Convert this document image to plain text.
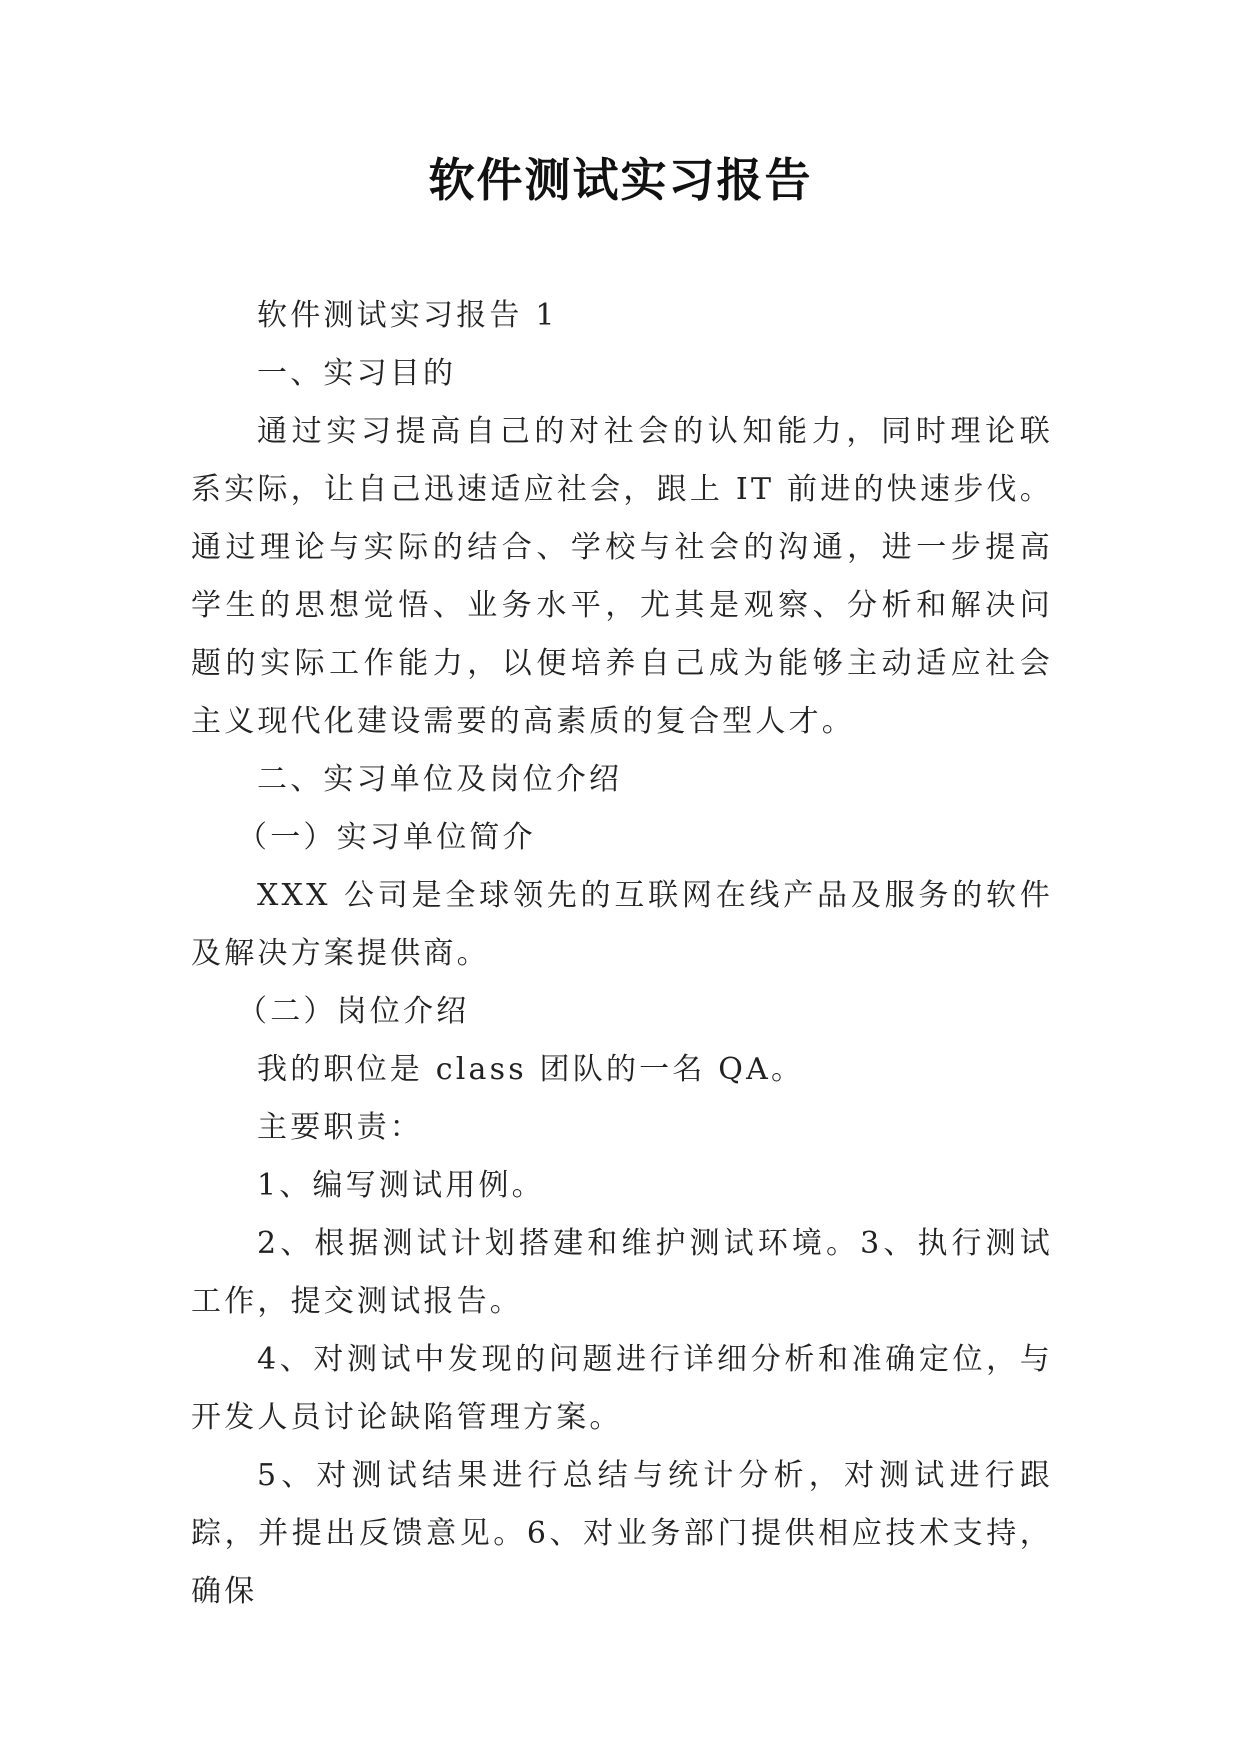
软件测试实习报告

软件测试实习报告 1

一、实习目的

通过实习提高自己的对社会的认知能力，同时理论联系实际，让自己迅速适应社会，跟上 IT 前进的快速步伐。通过理论与实际的结合、学校与社会的沟通，进一步提高学生的思想觉悟、业务水平，尤其是观察、分析和解决问题的实际工作能力，以便培养自己成为能够主动适应社会主义现代化建设需要的高素质的复合型人才。

二、实习单位及岗位介绍

（一）实习单位简介

XXX 公司是全球领先的互联网在线产品及服务的软件及解决方案提供商。

（二）岗位介绍

我的职位是 class 团队的一名 QA。

主要职责：

1、编写测试用例。

2、根据测试计划搭建和维护测试环境。3、执行测试工作，提交测试报告。

4、对测试中发现的问题进行详细分析和准确定位，与开发人员讨论缺陷管理方案。

5、对测试结果进行总结与统计分析，对测试进行跟踪，并提出反馈意见。6、对业务部门提供相应技术支持，确保
